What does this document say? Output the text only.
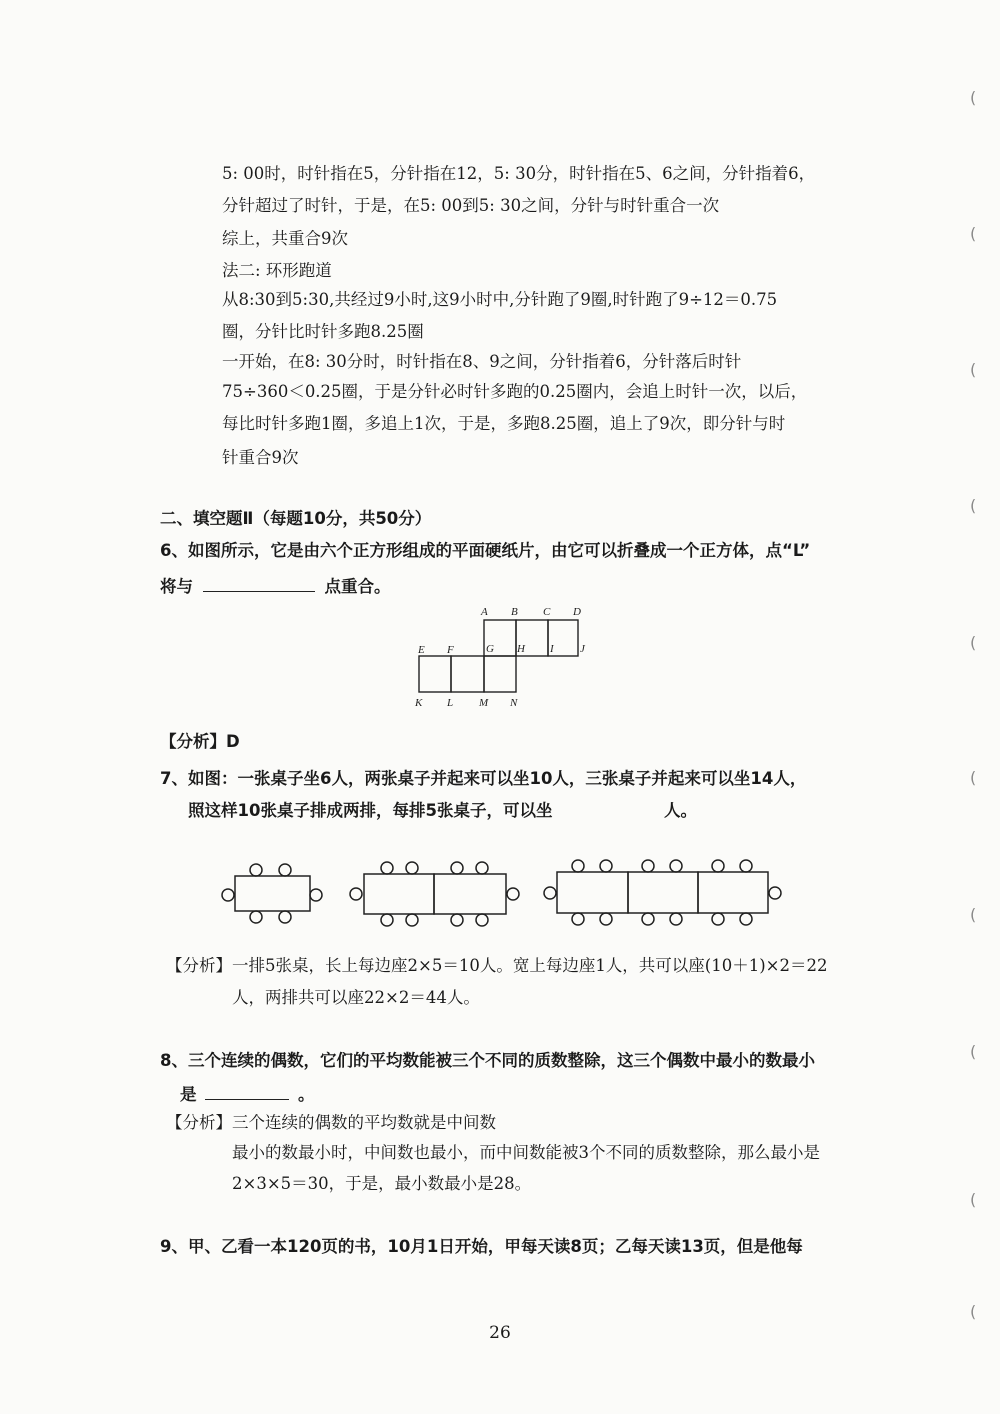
5: 00时，时针指在5，分针指在12，5: 30分，时针指在5、6之间，分针指着6，
分针超过了时针，于是，在5: 00到5: 30之间，分针与时针重合一次
综上，共重合9次
法二: 环形跑道
从8:30到5:30,共经过9小时,这9小时中,分针跑了9圈,时针跑了9÷12＝0.75
圈，分针比时针多跑8.25圈
一开始，在8: 30分时，时针指在8、9之间，分针指着6，分针落后时针
75÷360＜0.25圈，于是分针必时针多跑的0.25圈内，会追上时针一次，以后，
每比时针多跑1圈，多追上1次，于是，多跑8.25圈，追上了9次，即分针与时
针重合9次
二、填空题Ⅱ（每题10分，共50分）
6、如图所示，它是由六个正方形组成的平面硬纸片，由它可以折叠成一个正方体，点“L”
将与	点重合。
A B C D
E F	G H I J
K L M N
【分析】D
7、如图：一张桌子坐6人，两张桌子并起来可以坐10人，三张桌子并起来可以坐14人，
照这样10张桌子排成两排，每排5张桌子，可以坐	人。
【分析】一排5张桌，长上每边座2×5＝10人。宽上每边座1人，共可以座(10＋1)×2＝22
人，两排共可以座22×2＝44人。
8、三个连续的偶数，它们的平均数能被三个不同的质数整除，这三个偶数中最小的数最小
是	。
【分析】三个连续的偶数的平均数就是中间数
最小的数最小时，中间数也最小，而中间数能被3个不同的质数整除，那么最小是
2×3×5＝30，于是，最小数最小是28。
9、甲、乙看一本120页的书，10月1日开始，甲每天读8页；乙每天读13页，但是他每
26
(
(
(
(
(
(
(
(
(
(
